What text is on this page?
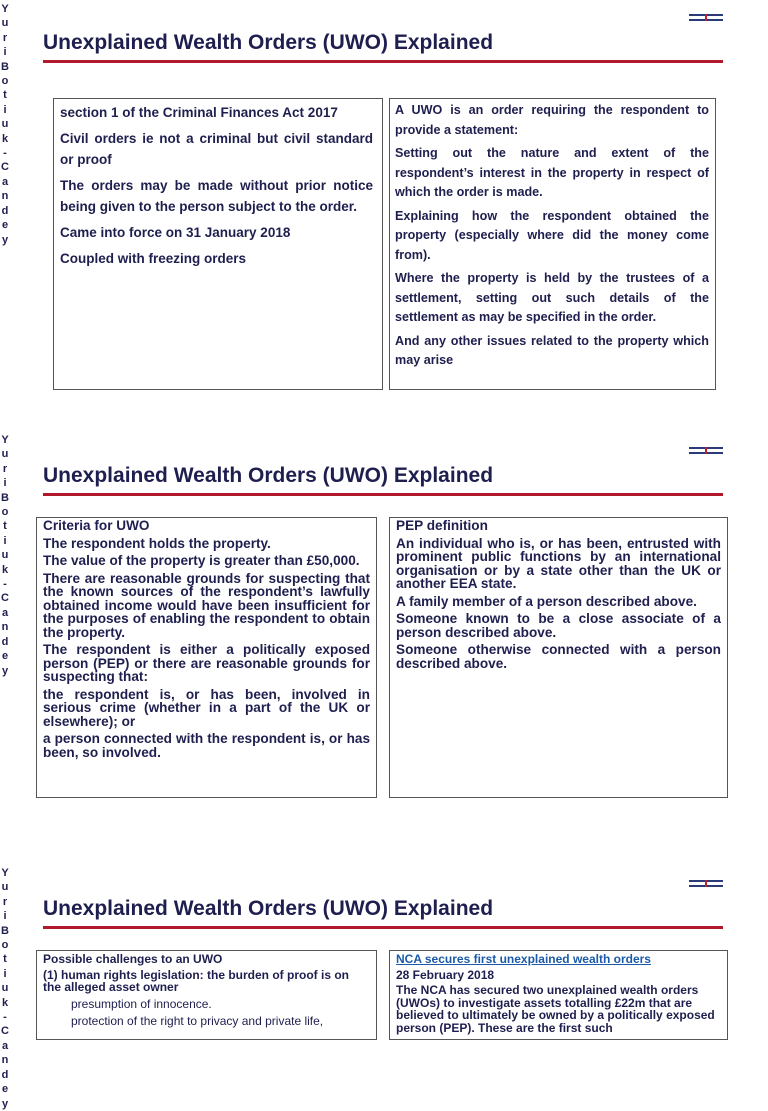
Y
u
r
i
B
o
t
i
u
k
-
C
a
n
d
e
y
Y
u
r
i
B
o
t
i
u
k
-
C
a
n
d
e
y
Y
u
r
i
B
o
t
i
u
k
-
C
a
n
d
e
y
Unexplained Wealth Orders (UWO) Explained

section 1 of the Criminal Finances Act 2017

Civil orders ie not a criminal but civil standard or proof

The orders may be made without prior notice being given to the person subject to the order.

Came into force on 31 January 2018

Coupled with freezing orders

A UWO is an order requiring the respondent to provide a statement:

Setting out the nature and extent of the respondent’s interest in the property in respect of which the order is made.

Explaining how the respondent obtained the property (especially where did the money come from).

Where the property is held by the trustees of a settlement, setting out such details of the settlement as may be specified in the order.

And any other issues related to the property which may arise

Unexplained Wealth Orders (UWO) Explained

Criteria for UWO

The respondent holds the property.

The value of the property is greater than £50,000.

There are reasonable grounds for suspecting that the known sources of the respondent’s lawfully obtained income would have been insufficient for the purposes of enabling the respondent to obtain the property.

The respondent is either a politically exposed person (PEP) or there are reasonable grounds for suspecting that:

the respondent is, or has been, involved in serious crime (whether in a part of the UK or elsewhere); or

a person connected with the respondent is, or has been, so involved.

PEP definition

An individual who is, or has been, entrusted with prominent public functions by an international organisation or by a state other than the UK or another EEA state.

A family member of a person described above.

Someone known to be a close associate of a person described above.

Someone otherwise connected with a person described above.

Unexplained Wealth Orders (UWO) Explained

Possible challenges to an UWO

(1) human rights legislation: the burden of proof is on the alleged asset owner

presumption of innocence.

protection of the right to privacy and private life,

NCA secures first unexplained wealth orders

28 February 2018

The NCA has secured two unexplained wealth orders (UWOs) to investigate assets totalling £22m that are believed to ultimately be owned by a politically exposed person (PEP). These are the first such
